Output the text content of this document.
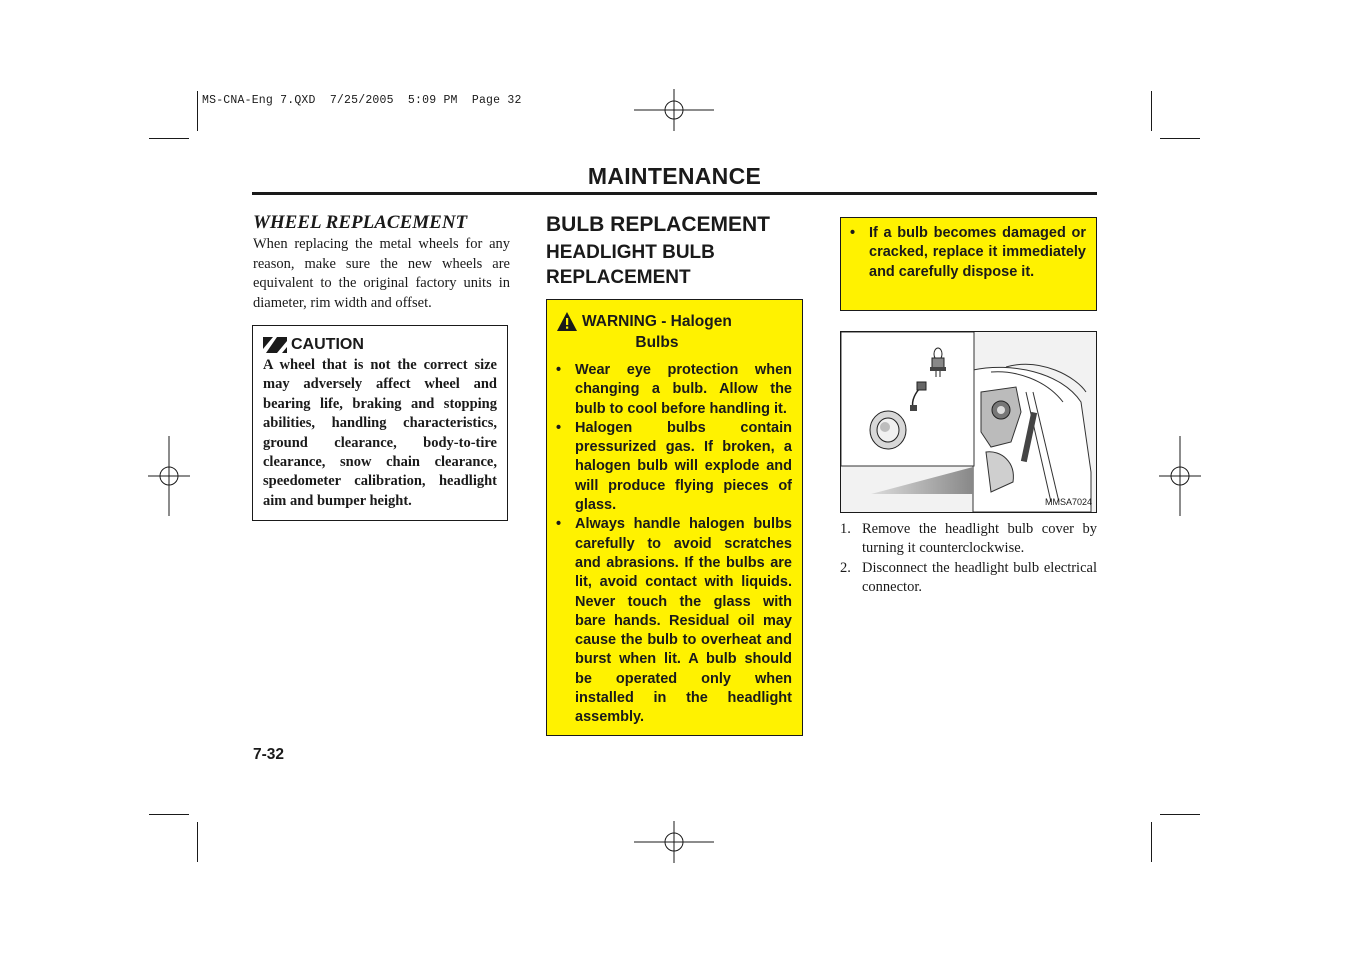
MS-CNA-Eng 7.QXD  7/25/2005  5:09 PM  Page 32
MAINTENANCE
WHEEL REPLACEMENT

When replacing the metal wheels for any reason, make sure the new wheels are equivalent to the original factory units in diameter, rim width and offset.

CAUTION

A wheel that is not the correct size may adversely affect wheel and bearing life, braking and stopping abilities, handling characteristics, ground clearance, body-to-tire clearance, snow chain clearance, speedometer calibration, headlight aim and bumper height.

BULB REPLACEMENT
HEADLIGHT BULB REPLACEMENT
WARNING - Halogen
Bulbs
• Wear eye protection when changing a bulb. Allow the bulb to cool before handling it.
• Halogen bulbs contain pressurized gas. If broken, a halogen bulb will explode and will produce flying pieces of glass.
• Always handle halogen bulbs carefully to avoid scratches and abrasions. If the bulbs are lit, avoid contact with liquids. Never touch the glass with bare hands. Residual oil may cause the bulb to overheat and burst when lit. A bulb should be operated only when installed in the headlight assembly.
• If a bulb becomes damaged or cracked, replace it immediately and carefully dispose it.
MMSA7024
1. Remove the headlight bulb cover by turning it counterclockwise.
2. Disconnect the headlight bulb electrical connector.
7-32
